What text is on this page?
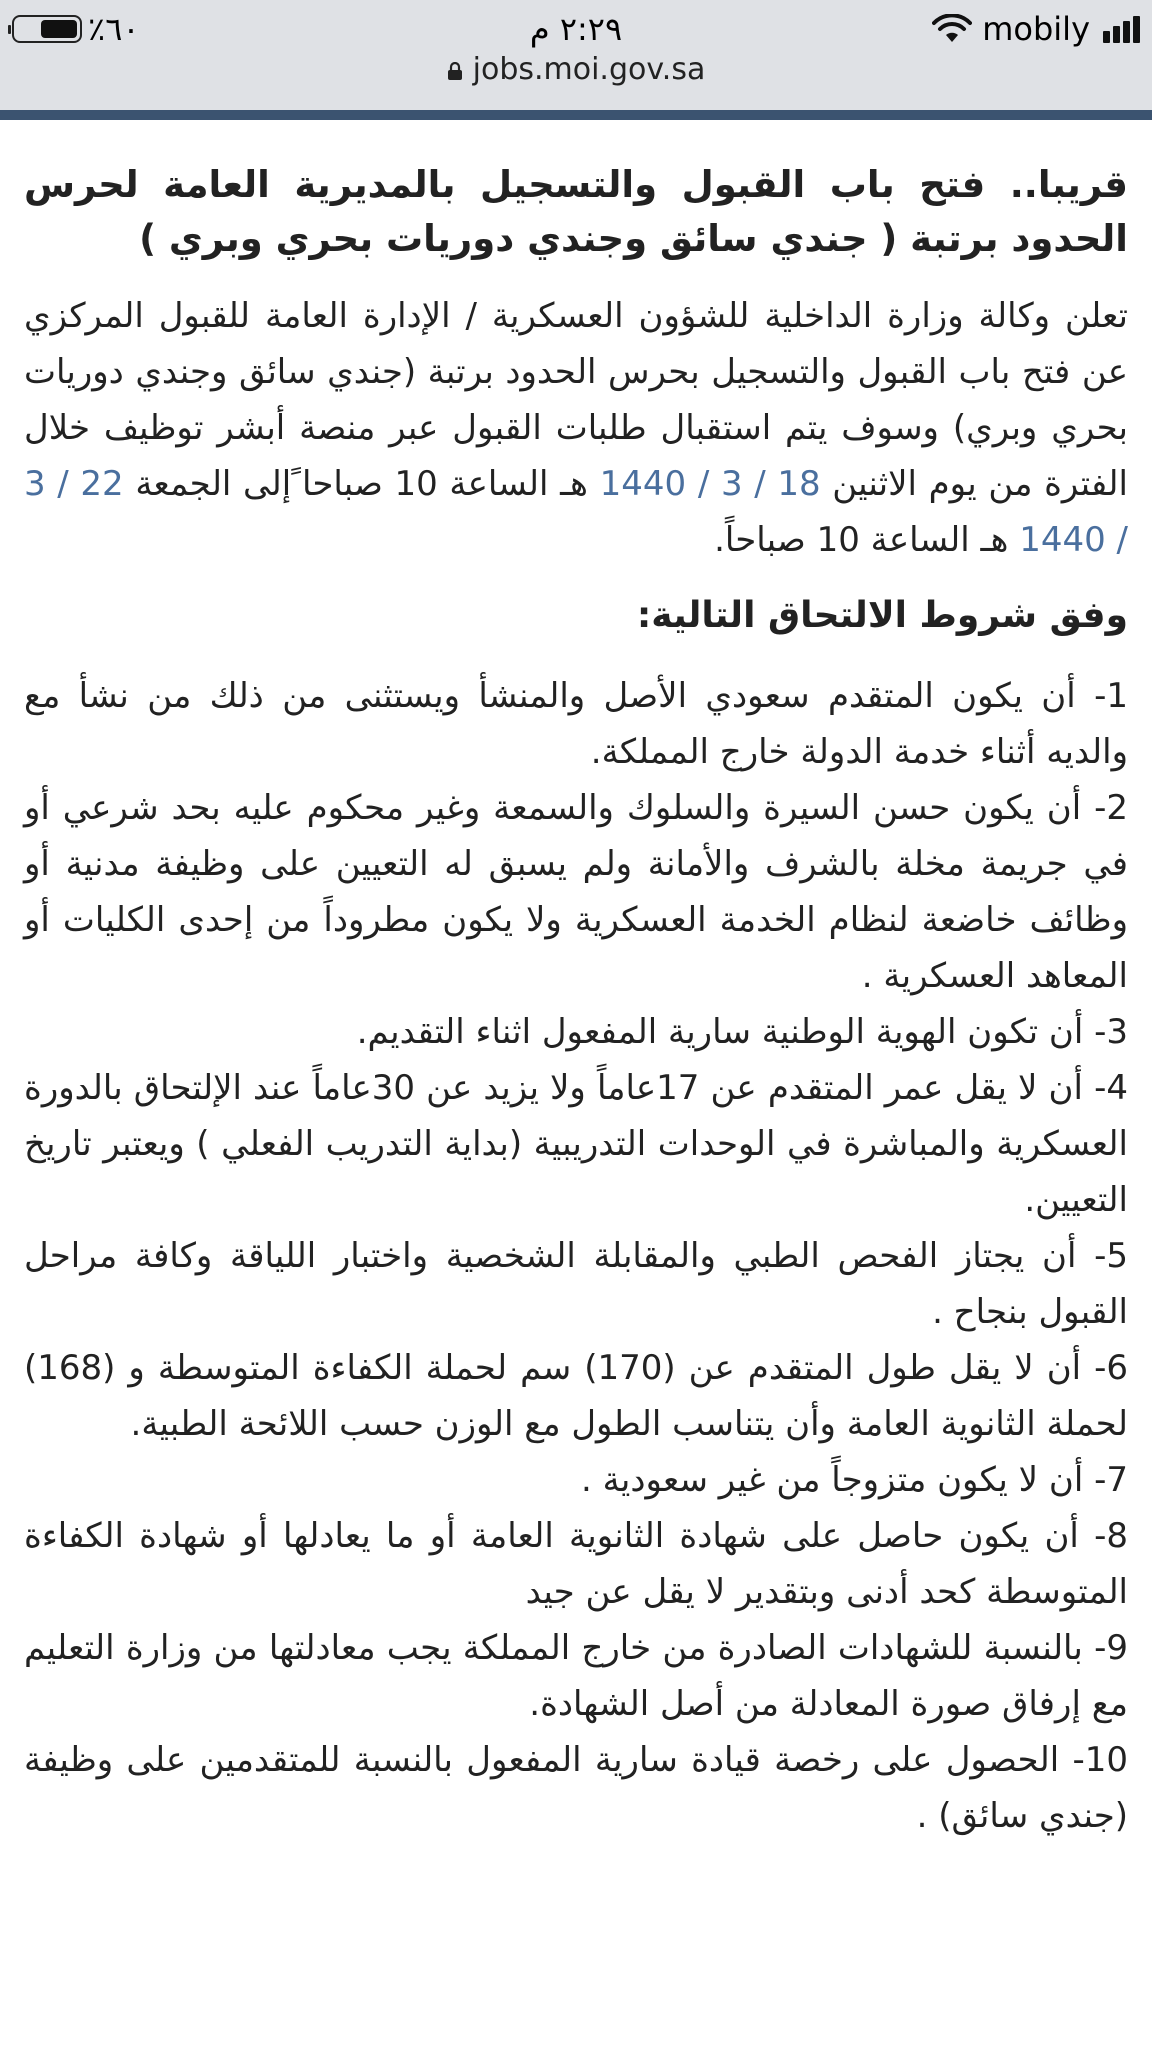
٪٦٠	٢:٢٩ م	mobily
jobs.moi.gov.sa
قريبا.. فتح باب القبول والتسجيل بالمديرية العامة لحرس الحدود برتبة ( جندي سائق وجندي دوريات بحري وبري )

تعلن وكالة وزارة الداخلية للشؤون العسكرية / الإدارة العامة للقبول المركزي عن فتح باب القبول والتسجيل بحرس الحدود برتبة (جندي سائق وجندي دوريات بحري وبري) وسوف يتم استقبال طلبات القبول عبر منصة أبشر توظيف خلال الفترة من يوم الاثنين 18 / 3 / 1440 هـ الساعة 10 صباحا ًإلى الجمعة 22 / 3 / 1440 هـ الساعة 10 صباحاً.

وفق شروط الالتحاق التالية:

1- أن يكون المتقدم سعودي الأصل والمنشأ ويستثنى من ذلك من نشأ مع والديه أثناء خدمة الدولة خارج المملكة.

2- أن يكون حسن السيرة والسلوك والسمعة وغير محكوم عليه بحد شرعي أو في جريمة مخلة بالشرف والأمانة ولم يسبق له التعيين على وظيفة مدنية أو وظائف خاضعة لنظام الخدمة العسكرية ولا يكون مطروداً من إحدى الكليات أو المعاهد العسكرية .

3- أن تكون الهوية الوطنية سارية المفعول اثناء التقديم.

4- أن لا يقل عمر المتقدم عن 17عاماً ولا يزيد عن 30عاماً عند الإلتحاق بالدورة العسكرية والمباشرة في الوحدات التدريبية (بداية التدريب الفعلي ) ويعتبر تاريخ التعيين.

5- أن يجتاز الفحص الطبي والمقابلة الشخصية واختبار اللياقة وكافة مراحل القبول بنجاح .

6- أن لا يقل طول المتقدم عن (170) سم لحملة الكفاءة المتوسطة و (168) لحملة الثانوية العامة وأن يتناسب الطول مع الوزن حسب اللائحة الطبية.

7- أن لا يكون متزوجاً من غير سعودية .

8- أن يكون حاصل على شهادة الثانوية العامة أو ما يعادلها أو شهادة الكفاءة المتوسطة كحد أدنى وبتقدير لا يقل عن جيد

9- بالنسبة للشهادات الصادرة من خارج المملكة يجب معادلتها من وزارة التعليم مع إرفاق صورة المعادلة من أصل الشهادة.

10- الحصول على رخصة قيادة سارية المفعول بالنسبة للمتقدمين على وظيفة (جندي سائق) .
